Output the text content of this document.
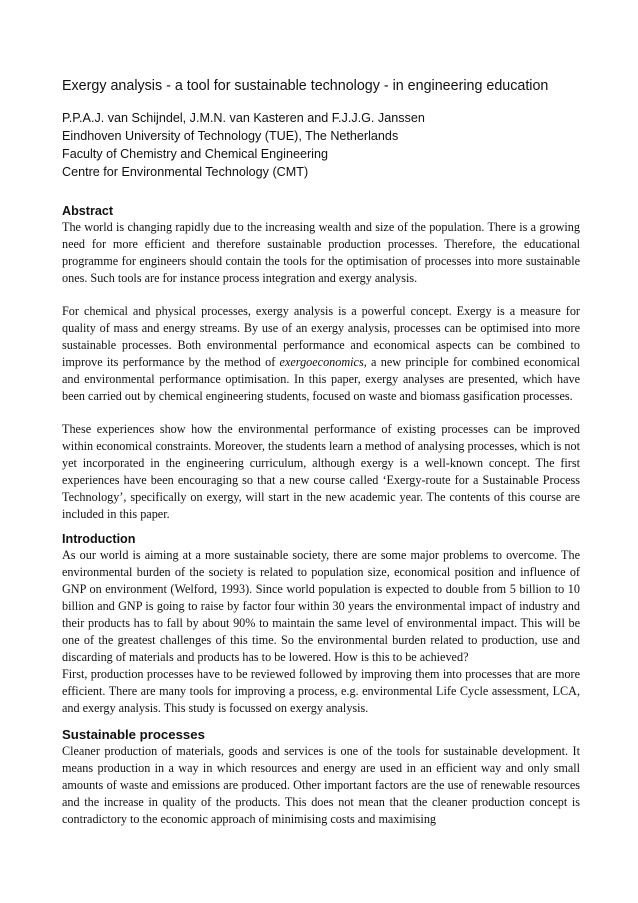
Exergy analysis - a tool for sustainable technology - in engineering education
P.P.A.J. van Schijndel, J.M.N. van Kasteren and F.J.J.G. Janssen
Eindhoven University of Technology (TUE), The Netherlands
Faculty of Chemistry and Chemical Engineering
Centre for Environmental Technology (CMT)
Abstract

The world is changing rapidly due to the increasing wealth and size of the population. There is a growing need for more efficient and therefore sustainable production processes. Therefore, the educational programme for engineers should contain the tools for the optimisation of processes into more sustainable ones. Such tools are for instance process integration and exergy analysis.

For chemical and physical processes, exergy analysis is a powerful concept. Exergy is a measure for quality of mass and energy streams. By use of an exergy analysis, processes can be optimised into more sustainable processes. Both environmental performance and economical aspects can be combined to improve its performance by the method of exergoeconomics, a new principle for combined economical and environmental performance optimisation. In this paper, exergy analyses are presented, which have been carried out by chemical engineering students, focused on waste and biomass gasification processes.

These experiences show how the environmental performance of existing processes can be improved within economical constraints. Moreover, the students learn a method of analysing processes, which is not yet incorporated in the engineering curriculum, although exergy is a well-known concept. The first experiences have been encouraging so that a new course called ‘Exergy-route for a Sustainable Process Technology’, specifically on exergy, will start in the new academic year. The contents of this course are included in this paper.

Introduction

As our world is aiming at a more sustainable society, there are some major problems to overcome. The environmental burden of the society is related to population size, economical position and influence of GNP on environment (Welford, 1993). Since world population is expected to double from 5 billion to 10 billion and GNP is going to raise by factor four within 30 years the environmental impact of industry and their products has to fall by about 90% to maintain the same level of environmental impact. This will be one of the greatest challenges of this time. So the environmental burden related to production, use and discarding of materials and products has to be lowered. How is this to be achieved?

First, production processes have to be reviewed followed by improving them into processes that are more efficient. There are many tools for improving a process, e.g. environmental Life Cycle assessment, LCA, and exergy analysis. This study is focussed on exergy analysis.

Sustainable processes

Cleaner production of materials, goods and services is one of the tools for sustainable development. It means production in a way in which resources and energy are used in an efficient way and only small amounts of waste and emissions are produced. Other important factors are the use of renewable resources and the increase in quality of the products. This does not mean that the cleaner production concept is contradictory to the economic approach of minimising costs and maximising
